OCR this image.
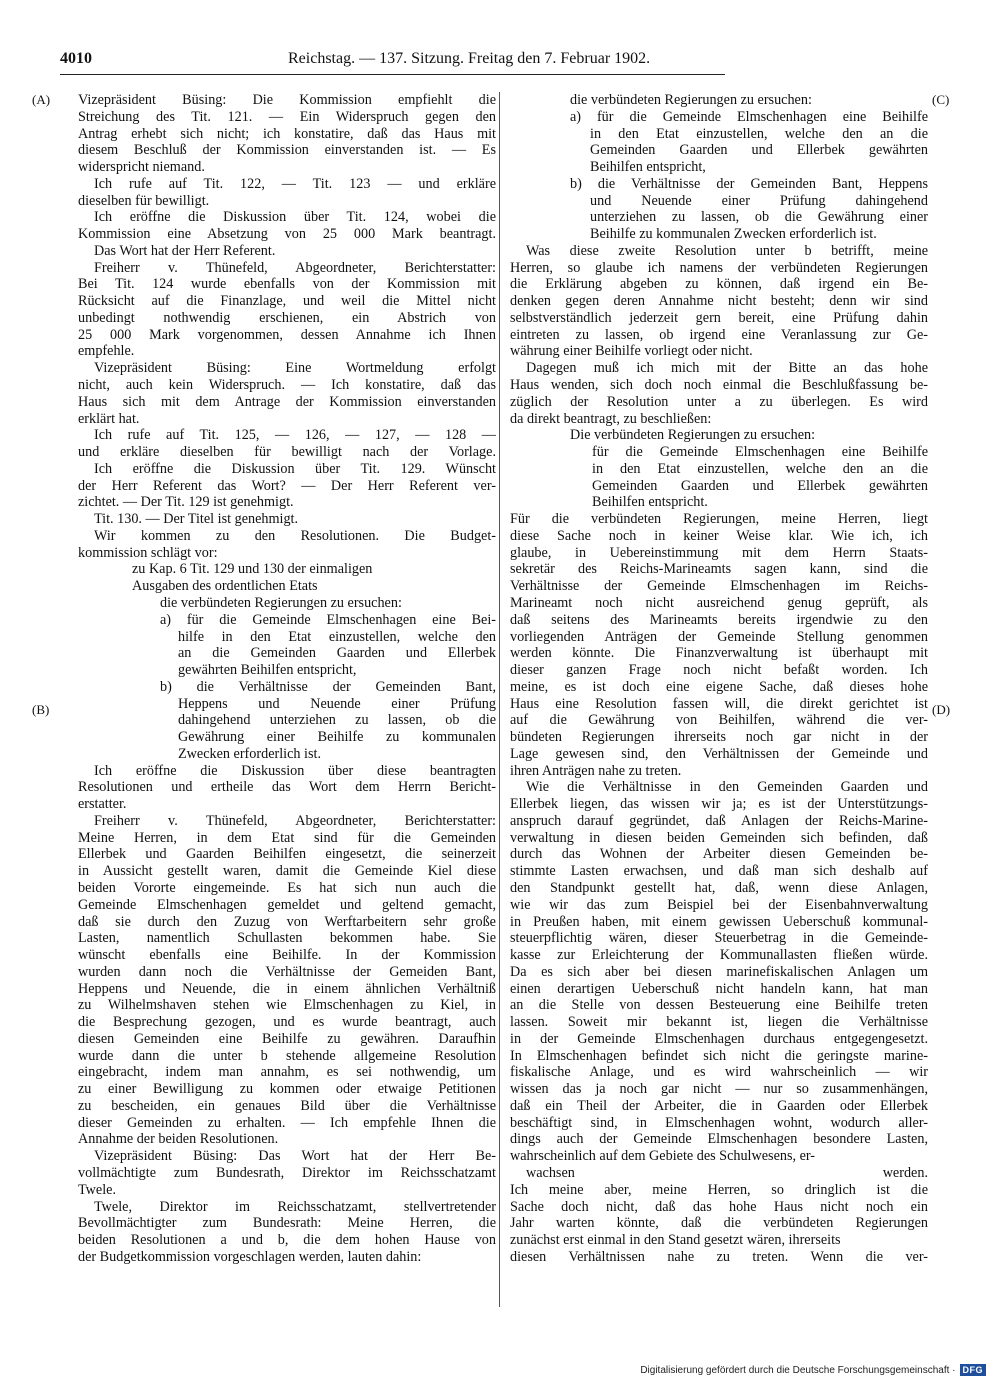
4010	Reichstag. — 137. Sitzung. Freitag den 7. Februar 1902.
(A)
(B)
(C)
(D)
Vizepräsident Büsing: Die Kommission empfiehlt die
Streichung des Tit. 121. — Ein Widerspruch gegen den
Antrag erhebt sich nicht; ich konstatire, daß das Haus mit
diesem Beschluß der Kommission einverstanden ist. — Es
widerspricht niemand.
Ich rufe auf Tit. 122, — Tit. 123 — und erkläre
dieselben für bewilligt.
Ich eröffne die Diskussion über Tit. 124, wobei die
Kommission eine Absetzung von 25 000 Mark beantragt.
Das Wort hat der Herr Referent.
Freiherr v. Thünefeld, Abgeordneter, Berichterstatter:
Bei Tit. 124 wurde ebenfalls von der Kommission mit
Rücksicht auf die Finanzlage, und weil die Mittel nicht
unbedingt nothwendig erschienen, ein Abstrich von
25 000 Mark vorgenommen, dessen Annahme ich Ihnen
empfehle.
Vizepräsident Büsing: Eine Wortmeldung erfolgt
nicht, auch kein Widerspruch. — Ich konstatire, daß das
Haus sich mit dem Antrage der Kommission einverstanden
erklärt hat.
Ich rufe auf Tit. 125, — 126, — 127, — 128 —
und erkläre dieselben für bewilligt nach der Vorlage.
Ich eröffne die Diskussion über Tit. 129. Wünscht
der Herr Referent das Wort? — Der Herr Referent ver-
zichtet. — Der Tit. 129 ist genehmigt.
Tit. 130. — Der Titel ist genehmigt.
Wir kommen zu den Resolutionen. Die Budget-
kommission schlägt vor:
zu Kap. 6 Tit. 129 und 130 der einmaligen
Ausgaben des ordentlichen Etats
die verbündeten Regierungen zu ersuchen:
a) für die Gemeinde Elmschenhagen eine Bei-
hilfe in den Etat einzustellen, welche den
an die Gemeinden Gaarden und Ellerbek
gewährten Beihilfen entspricht,
b) die Verhältnisse der Gemeinden Bant,
Heppens und Neuende einer Prüfung
dahingehend unterziehen zu lassen, ob die
Gewährung einer Beihilfe zu kommunalen
Zwecken erforderlich ist.
Ich eröffne die Diskussion über diese beantragten
Resolutionen und ertheile das Wort dem Herrn Bericht-
erstatter.
Freiherr v. Thünefeld, Abgeordneter, Berichterstatter:
Meine Herren, in dem Etat sind für die Gemeinden
Ellerbek und Gaarden Beihilfen eingesetzt, die seinerzeit
in Aussicht gestellt waren, damit die Gemeinde Kiel diese
beiden Vororte eingemeinde. Es hat sich nun auch die
Gemeinde Elmschenhagen gemeldet und geltend gemacht,
daß sie durch den Zuzug von Werftarbeitern sehr große
Lasten, namentlich Schullasten bekommen habe. Sie
wünscht ebenfalls eine Beihilfe. In der Kommission
wurden dann noch die Verhältnisse der Gemeiden Bant,
Heppens und Neuende, die in einem ähnlichen Verhältniß
zu Wilhelmshaven stehen wie Elmschenhagen zu Kiel, in
die Besprechung gezogen, und es wurde beantragt, auch
diesen Gemeinden eine Beihilfe zu gewähren. Daraufhin
wurde dann die unter b stehende allgemeine Resolution
eingebracht, indem man annahm, es sei nothwendig, um
zu einer Bewilligung zu kommen oder etwaige Petitionen
zu bescheiden, ein genaues Bild über die Verhältnisse
dieser Gemeinden zu erhalten. — Ich empfehle Ihnen die
Annahme der beiden Resolutionen.
Vizepräsident Büsing: Das Wort hat der Herr Be-
vollmächtigte zum Bundesrath, Direktor im Reichsschatzamt
Twele.
Twele, Direktor im Reichsschatzamt, stellvertretender
Bevollmächtigter zum Bundesrath: Meine Herren, die
beiden Resolutionen a und b, die dem hohen Hause von
der Budgetkommission vorgeschlagen werden, lauten dahin:
die verbündeten Regierungen zu ersuchen:
a) für die Gemeinde Elmschenhagen eine Beihilfe
in den Etat einzustellen, welche den an die
Gemeinden Gaarden und Ellerbek gewährten
Beihilfen entspricht,
b) die Verhältnisse der Gemeinden Bant, Heppens
und Neuende einer Prüfung dahingehend
unterziehen zu lassen, ob die Gewährung einer
Beihilfe zu kommunalen Zwecken erforderlich ist.
Was diese zweite Resolution unter b betrifft, meine
Herren, so glaube ich namens der verbündeten Regierungen
die Erklärung abgeben zu können, daß irgend ein Be-
denken gegen deren Annahme nicht besteht; denn wir sind
selbstverständlich jederzeit gern bereit, eine Prüfung dahin
eintreten zu lassen, ob irgend eine Veranlassung zur Ge-
währung einer Beihilfe vorliegt oder nicht.
Dagegen muß ich mich mit der Bitte an das hohe
Haus wenden, sich doch noch einmal die Beschlußfassung be-
züglich der Resolution unter a zu überlegen. Es wird
da direkt beantragt, zu beschließen:
Die verbündeten Regierungen zu ersuchen:
für die Gemeinde Elmschenhagen eine Beihilfe
in den Etat einzustellen, welche den an die
Gemeinden Gaarden und Ellerbek gewährten
Beihilfen entspricht.
Für die verbündeten Regierungen, meine Herren, liegt
diese Sache noch in keiner Weise klar. Wie ich, ich
glaube, in Uebereinstimmung mit dem Herrn Staats-
sekretär des Reichs-Marineamts sagen kann, sind die
Verhältnisse der Gemeinde Elmschenhagen im Reichs-
Marineamt noch nicht ausreichend genug geprüft, als
daß seitens des Marineamts bereits irgendwie zu den
vorliegenden Anträgen der Gemeinde Stellung genommen
werden könnte. Die Finanzverwaltung ist überhaupt mit
dieser ganzen Frage noch nicht befaßt worden. Ich
meine, es ist doch eine eigene Sache, daß dieses hohe
Haus eine Resolution fassen will, die direkt gerichtet ist
auf die Gewährung von Beihilfen, während die ver-
bündeten Regierungen ihrerseits noch gar nicht in der
Lage gewesen sind, den Verhältnissen der Gemeinde und
ihren Anträgen nahe zu treten.
Wie die Verhältnisse in den Gemeinden Gaarden und
Ellerbek liegen, das wissen wir ja; es ist der Unterstützungs-
anspruch darauf gegründet, daß Anlagen der Reichs-Marine-
verwaltung in diesen beiden Gemeinden sich befinden, daß
durch das Wohnen der Arbeiter diesen Gemeinden be-
stimmte Lasten erwachsen, und daß man sich deshalb auf
den Standpunkt gestellt hat, daß, wenn diese Anlagen,
wie wir das zum Beispiel bei der Eisenbahnverwaltung
in Preußen haben, mit einem gewissen Ueberschuß kommunal-
steuerpflichtig wären, dieser Steuerbetrag in die Gemeinde-
kasse zur Erleichterung der Kommunallasten fließen würde.
Da es sich aber bei diesen marinefiskalischen Anlagen um
einen derartigen Ueberschuß nicht handeln kann, hat man
an die Stelle von dessen Besteuerung eine Beihilfe treten
lassen. Soweit mir bekannt ist, liegen die Verhältnisse
in der Gemeinde Elmschenhagen durchaus entgegengesetzt.
In Elmschenhagen befindet sich nicht die geringste marine-
fiskalische Anlage, und es wird wahrscheinlich — wir
wissen das ja noch gar nicht — nur so zusammenhängen,
daß ein Theil der Arbeiter, die in Gaarden oder Ellerbek
beschäftigt sind, in Elmschenhagen wohnt, wodurch aller-
dings auch der Gemeinde Elmschenhagen besondere Lasten,
wahrscheinlich auf dem Gebiete des Schulwesens, er-
wachsen werden.
Ich meine aber, meine Herren, so dringlich ist die
Sache doch nicht, daß das hohe Haus nicht noch ein
Jahr warten könnte, daß die verbündeten Regierungen
zunächst erst einmal in den Stand gesetzt wären, ihrerseits
diesen Verhältnissen nahe zu treten. Wenn die ver-
Digitalisierung gefördert durch die Deutsche Forschungsgemeinschaft · DFG
